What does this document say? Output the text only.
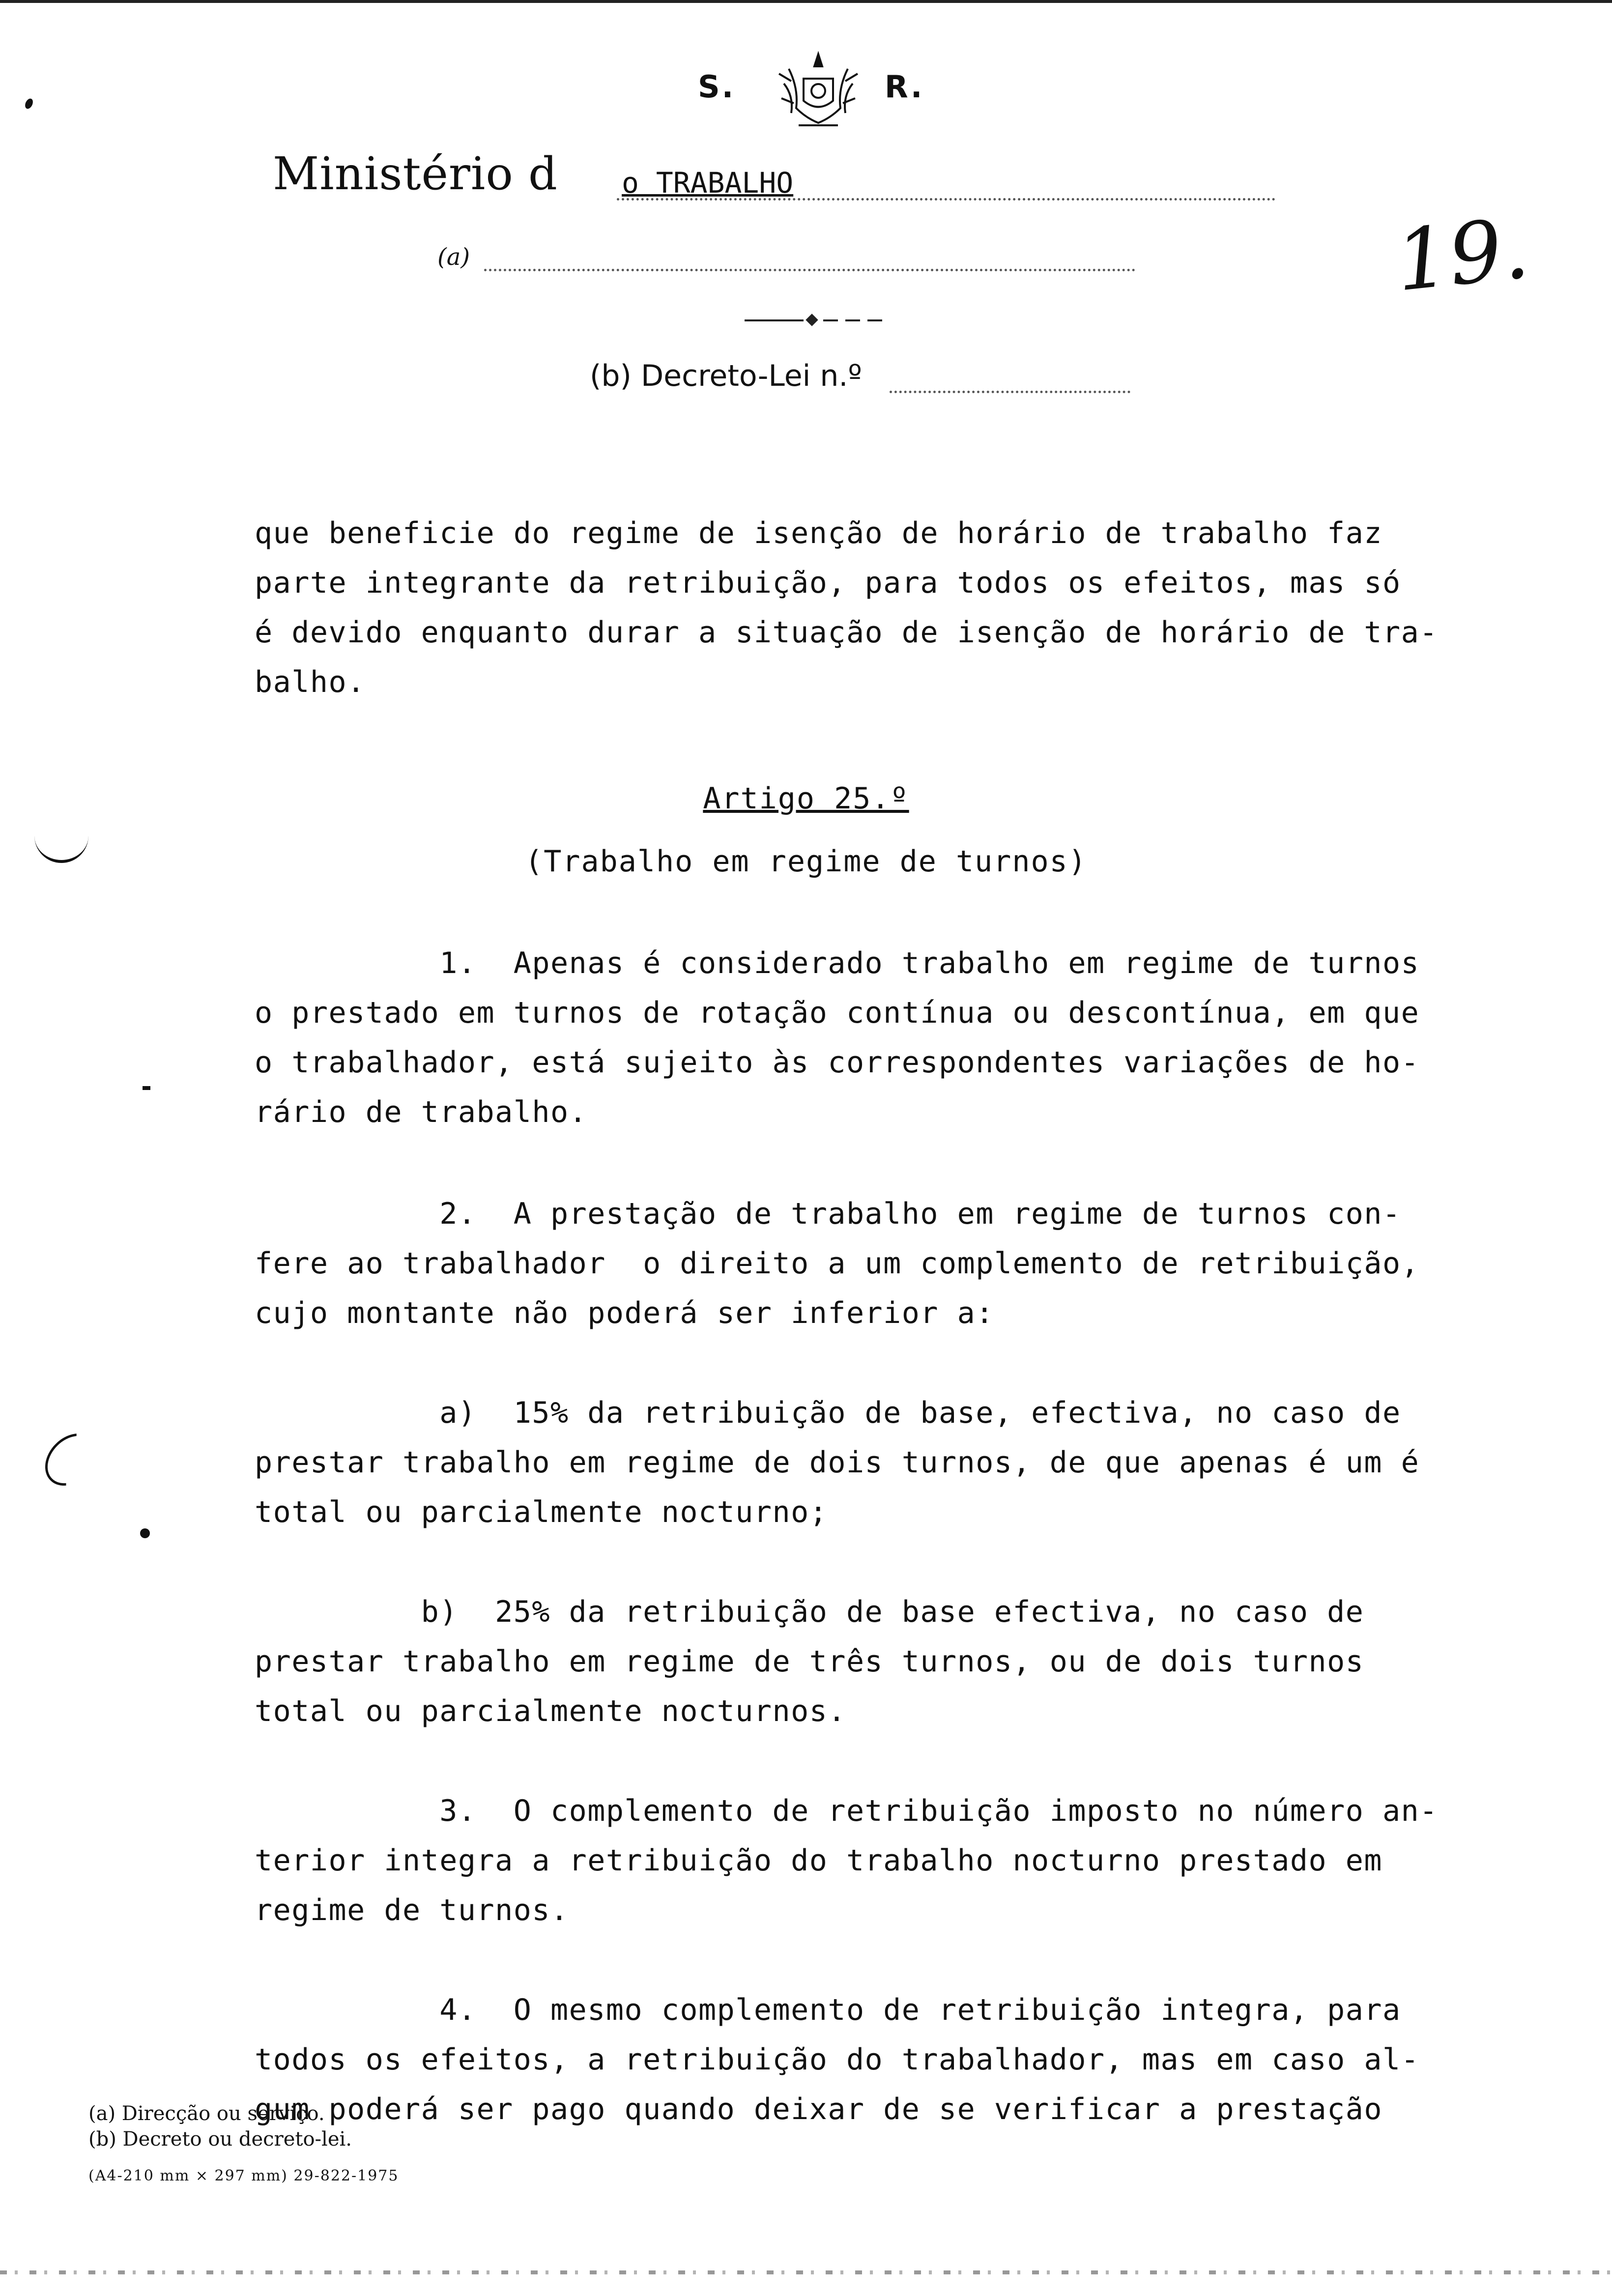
S.	R.
Ministério d o TRABALHO
(a)	19.
(b) Decreto-Lei n.º
que beneficie do regime de isenção de horário de trabalho faz
parte integrante da retribuição, para todos os efeitos, mas só
é devido enquanto durar a situação de isenção de horário de tra-
balho.
Artigo 25.º
(Trabalho em regime de turnos)
1.  Apenas é considerado trabalho em regime de turnos
o prestado em turnos de rotação contínua ou descontínua, em que
o trabalhador, está sujeito às correspondentes variações de ho-
rário de trabalho.
2.  A prestação de trabalho em regime de turnos con-
fere ao trabalhador  o direito a um complemento de retribuição,
cujo montante não poderá ser inferior a:
a)  15% da retribuição de base, efectiva, no caso de
prestar trabalho em regime de dois turnos, de que apenas é um é
total ou parcialmente nocturno;
b)  25% da retribuição de base efectiva, no caso de
prestar trabalho em regime de três turnos, ou de dois turnos
total ou parcialmente nocturnos.
3.  O complemento de retribuição imposto no número an-
terior integra a retribuição do trabalho nocturno prestado em
regime de turnos.
4.  O mesmo complemento de retribuição integra, para
todos os efeitos, a retribuição do trabalhador, mas em caso al-
gum poderá ser pago quando deixar de se verificar a prestação
(a) Direcção ou serviço.
(b) Decreto ou decreto-lei.
(A4-210 mm × 297 mm) 29-822-1975
